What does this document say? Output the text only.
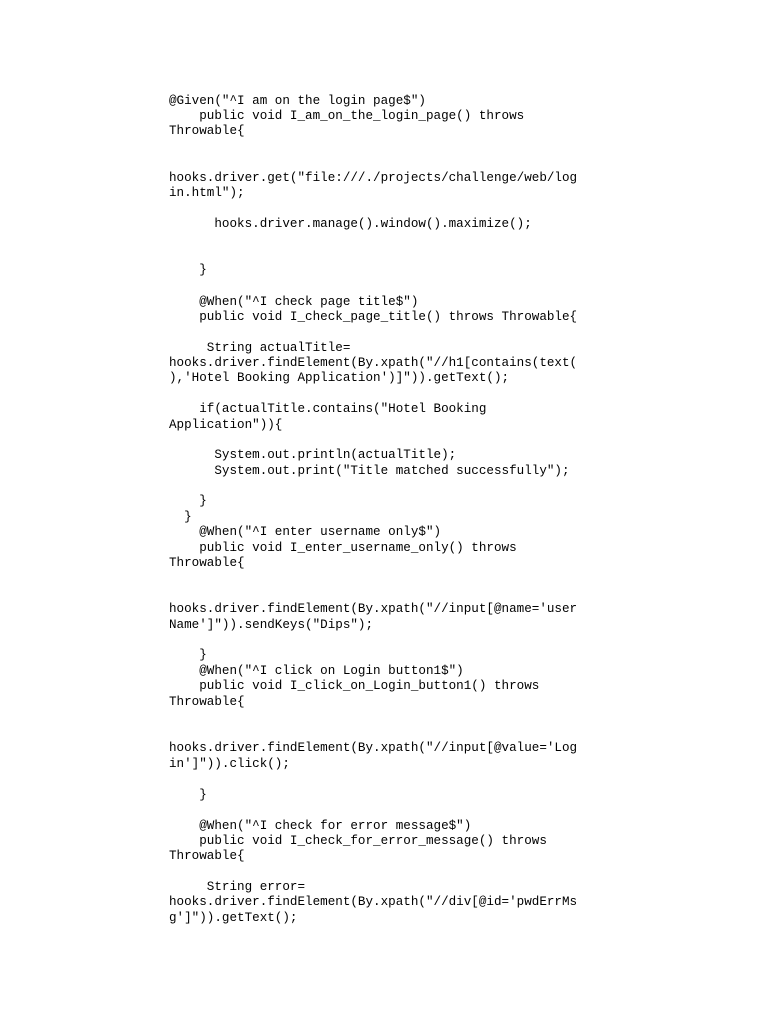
@Given("^I am on the login page$")
public void I_am_on_the_login_page() throws
Throwable{
hooks.driver.get("file:///./projects/challenge/web/log
in.html");
hooks.driver.manage().window().maximize();
}
@When("^I check page title$")
public void I_check_page_title() throws Throwable{
String actualTitle=
hooks.driver.findElement(By.xpath("//h1[contains(text(
),'Hotel Booking Application')]")).getText();
if(actualTitle.contains("Hotel Booking
Application")){
System.out.println(actualTitle);
System.out.print("Title matched successfully");
}
}
@When("^I enter username only$")
public void I_enter_username_only() throws
Throwable{
hooks.driver.findElement(By.xpath("//input[@name='user
Name']")).sendKeys("Dips");
}
@When("^I click on Login button1$")
public void I_click_on_Login_button1() throws
Throwable{
hooks.driver.findElement(By.xpath("//input[@value='Log
in']")).click();
}
@When("^I check for error message$")
public void I_check_for_error_message() throws
Throwable{
String error=
hooks.driver.findElement(By.xpath("//div[@id='pwdErrMs
g']")).getText();
